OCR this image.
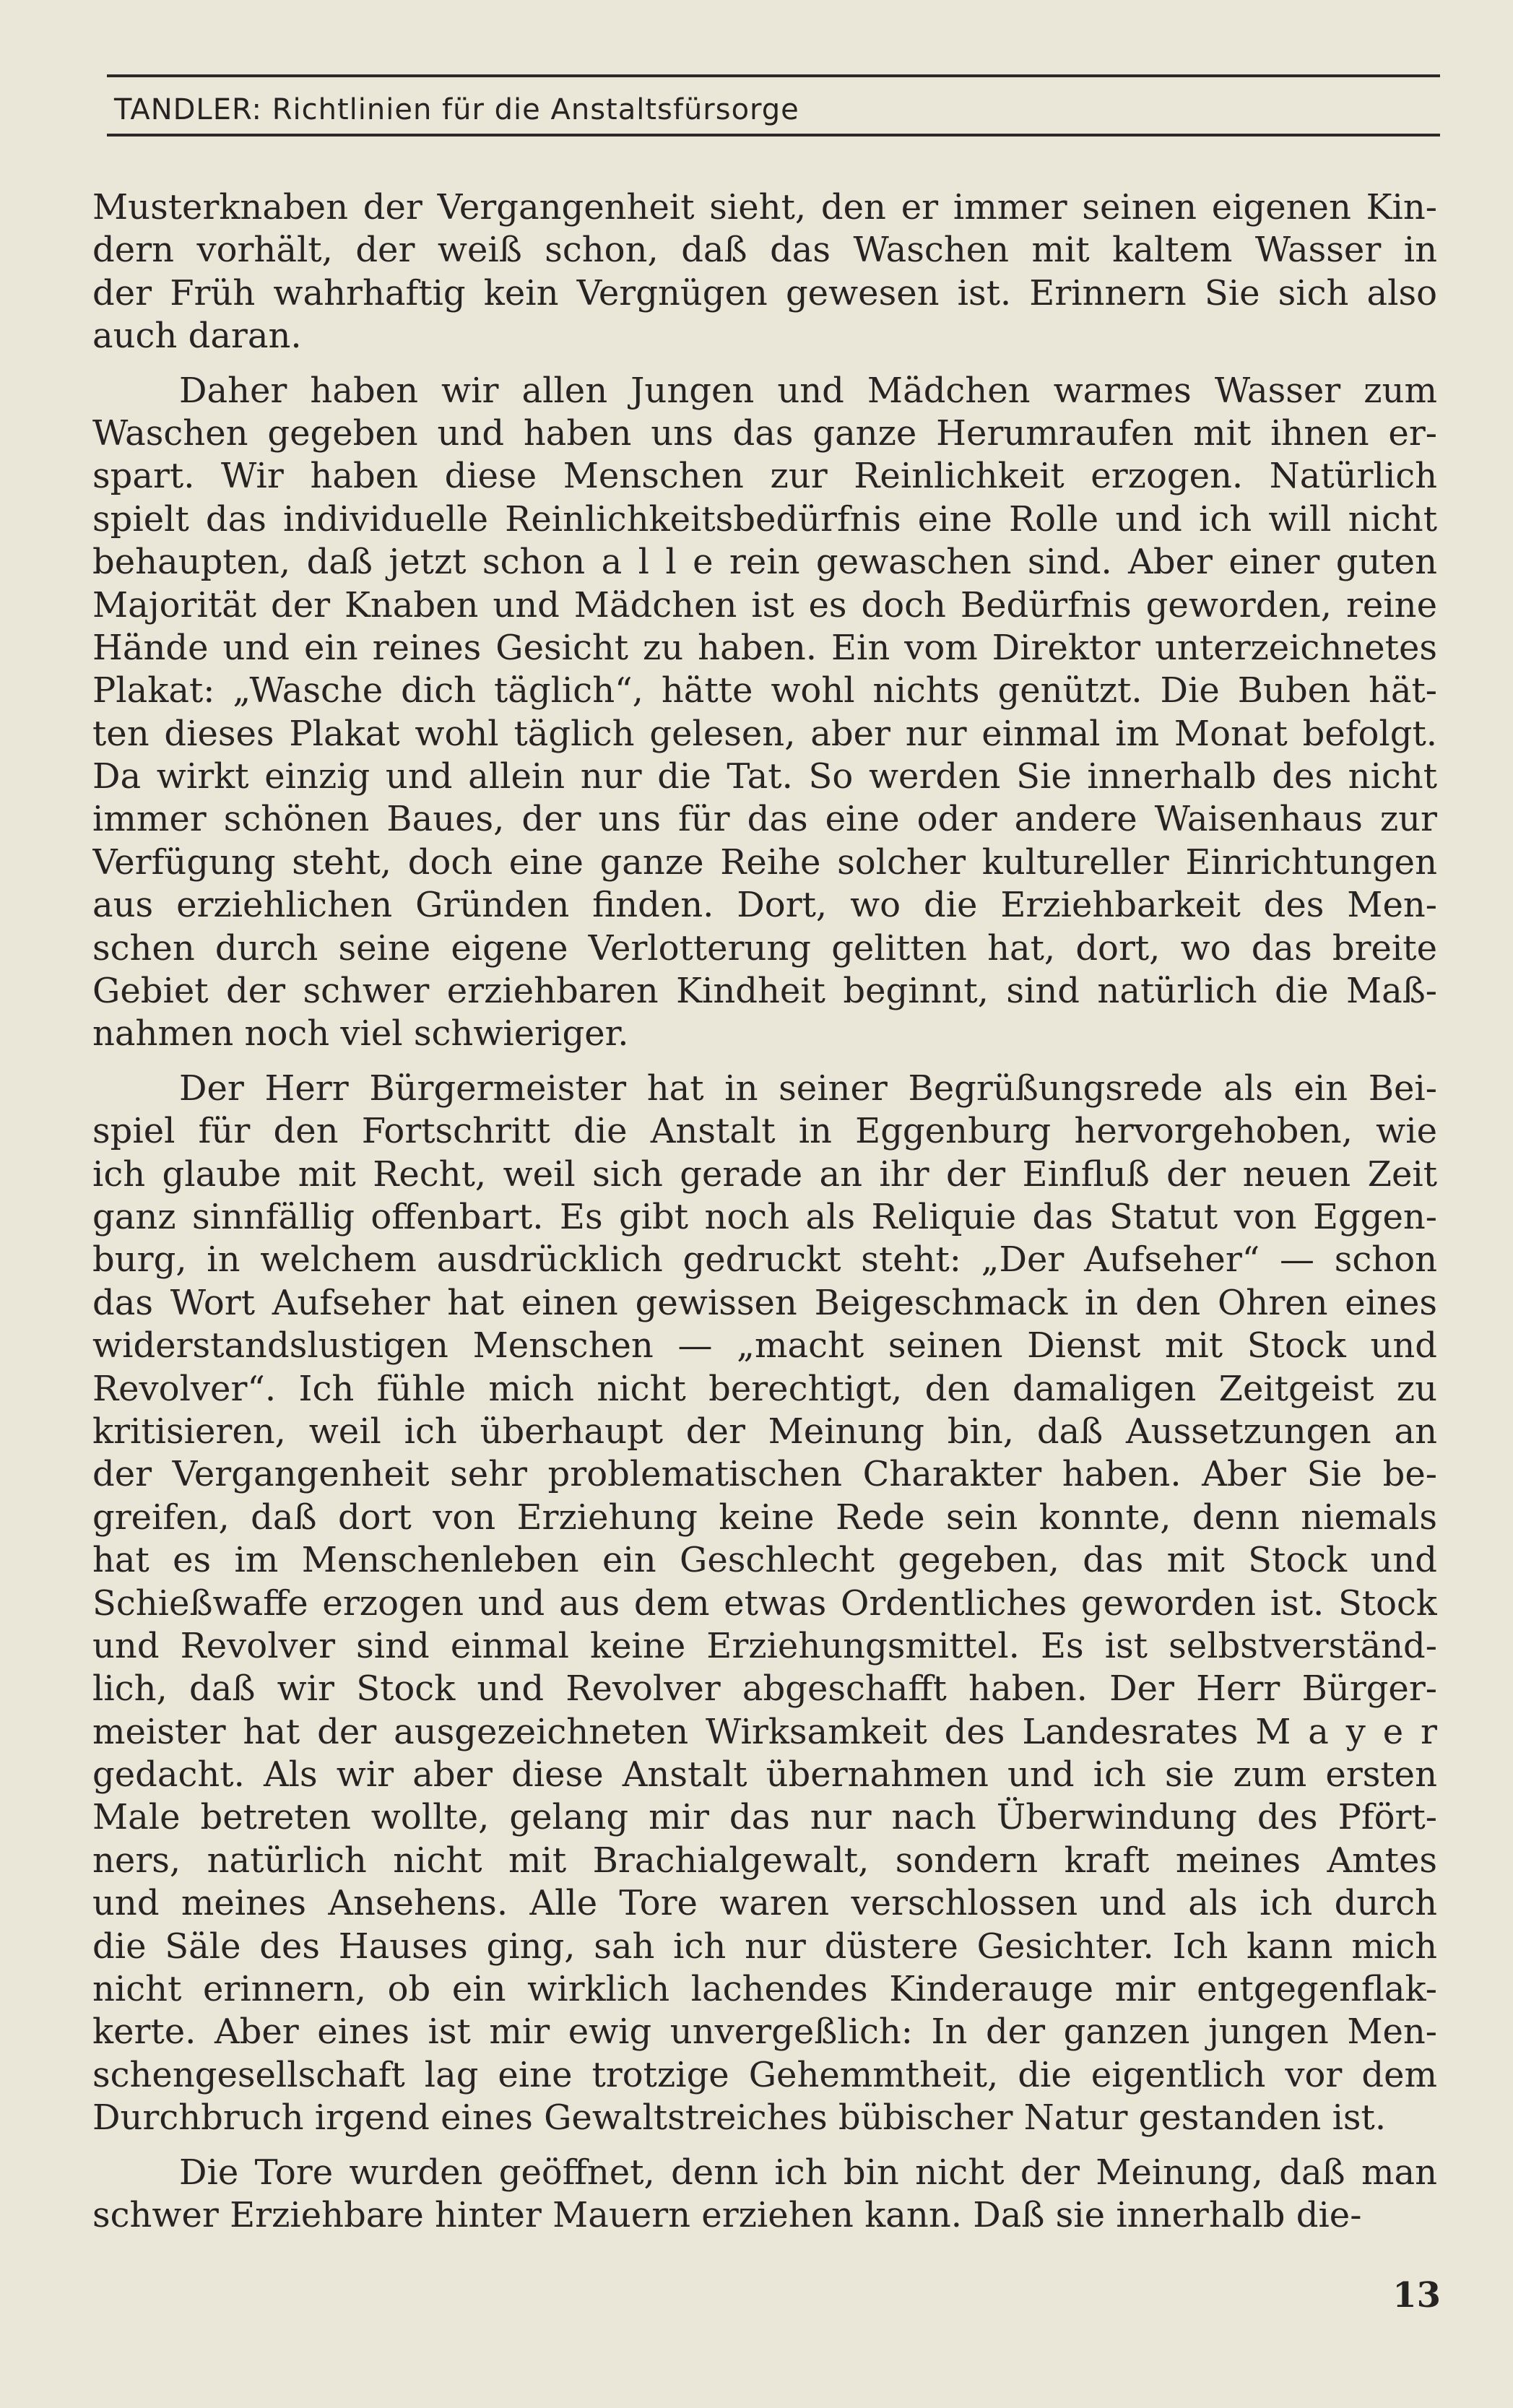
TANDLER: Richtlinien für die Anstaltsfürsorge
Musterknaben der Vergangenheit sieht, den er immer seinen eigenen Kin-
dern vorhält, der weiß schon, daß das Waschen mit kaltem Wasser in
der Früh wahrhaftig kein Vergnügen gewesen ist. Erinnern Sie sich also
auch daran.
Daher haben wir allen Jungen und Mädchen warmes Wasser zum
Waschen gegeben und haben uns das ganze Herumraufen mit ihnen er-
spart. Wir haben diese Menschen zur Reinlichkeit erzogen. Natürlich
spielt das individuelle Reinlichkeitsbedürfnis eine Rolle und ich will nicht
behaupten, daß jetzt schon a l l e rein gewaschen sind. Aber einer guten
Majorität der Knaben und Mädchen ist es doch Bedürfnis geworden, reine
Hände und ein reines Gesicht zu haben. Ein vom Direktor unterzeichnetes
Plakat: „Wasche dich täglich“, hätte wohl nichts genützt. Die Buben hät-
ten dieses Plakat wohl täglich gelesen, aber nur einmal im Monat befolgt.
Da wirkt einzig und allein nur die Tat. So werden Sie innerhalb des nicht
immer schönen Baues, der uns für das eine oder andere Waisenhaus zur
Verfügung steht, doch eine ganze Reihe solcher kultureller Einrichtungen
aus erziehlichen Gründen finden. Dort, wo die Erziehbarkeit des Men-
schen durch seine eigene Verlotterung gelitten hat, dort, wo das breite
Gebiet der schwer erziehbaren Kindheit beginnt, sind natürlich die Maß-
nahmen noch viel schwieriger.
Der Herr Bürgermeister hat in seiner Begrüßungsrede als ein Bei-
spiel für den Fortschritt die Anstalt in Eggenburg hervorgehoben, wie
ich glaube mit Recht, weil sich gerade an ihr der Einfluß der neuen Zeit
ganz sinnfällig offenbart. Es gibt noch als Reliquie das Statut von Eggen-
burg, in welchem ausdrücklich gedruckt steht: „Der Aufseher“ — schon
das Wort Aufseher hat einen gewissen Beigeschmack in den Ohren eines
widerstandslustigen Menschen — „macht seinen Dienst mit Stock und
Revolver“. Ich fühle mich nicht berechtigt, den damaligen Zeitgeist zu
kritisieren, weil ich überhaupt der Meinung bin, daß Aussetzungen an
der Vergangenheit sehr problematischen Charakter haben. Aber Sie be-
greifen, daß dort von Erziehung keine Rede sein konnte, denn niemals
hat es im Menschenleben ein Geschlecht gegeben, das mit Stock und
Schießwaffe erzogen und aus dem etwas Ordentliches geworden ist. Stock
und Revolver sind einmal keine Erziehungsmittel. Es ist selbstverständ-
lich, daß wir Stock und Revolver abgeschafft haben. Der Herr Bürger-
meister hat der ausgezeichneten Wirksamkeit des Landesrates M a y e r
gedacht. Als wir aber diese Anstalt übernahmen und ich sie zum ersten
Male betreten wollte, gelang mir das nur nach Überwindung des Pfört-
ners, natürlich nicht mit Brachialgewalt, sondern kraft meines Amtes
und meines Ansehens. Alle Tore waren verschlossen und als ich durch
die Säle des Hauses ging, sah ich nur düstere Gesichter. Ich kann mich
nicht erinnern, ob ein wirklich lachendes Kinderauge mir entgegenflak-
kerte. Aber eines ist mir ewig unvergeßlich: In der ganzen jungen Men-
schengesellschaft lag eine trotzige Gehemmtheit, die eigentlich vor dem
Durchbruch irgend eines Gewaltstreiches bübischer Natur gestanden ist.
Die Tore wurden geöffnet, denn ich bin nicht der Meinung, daß man
schwer Erziehbare hinter Mauern erziehen kann. Daß sie innerhalb die-
13
